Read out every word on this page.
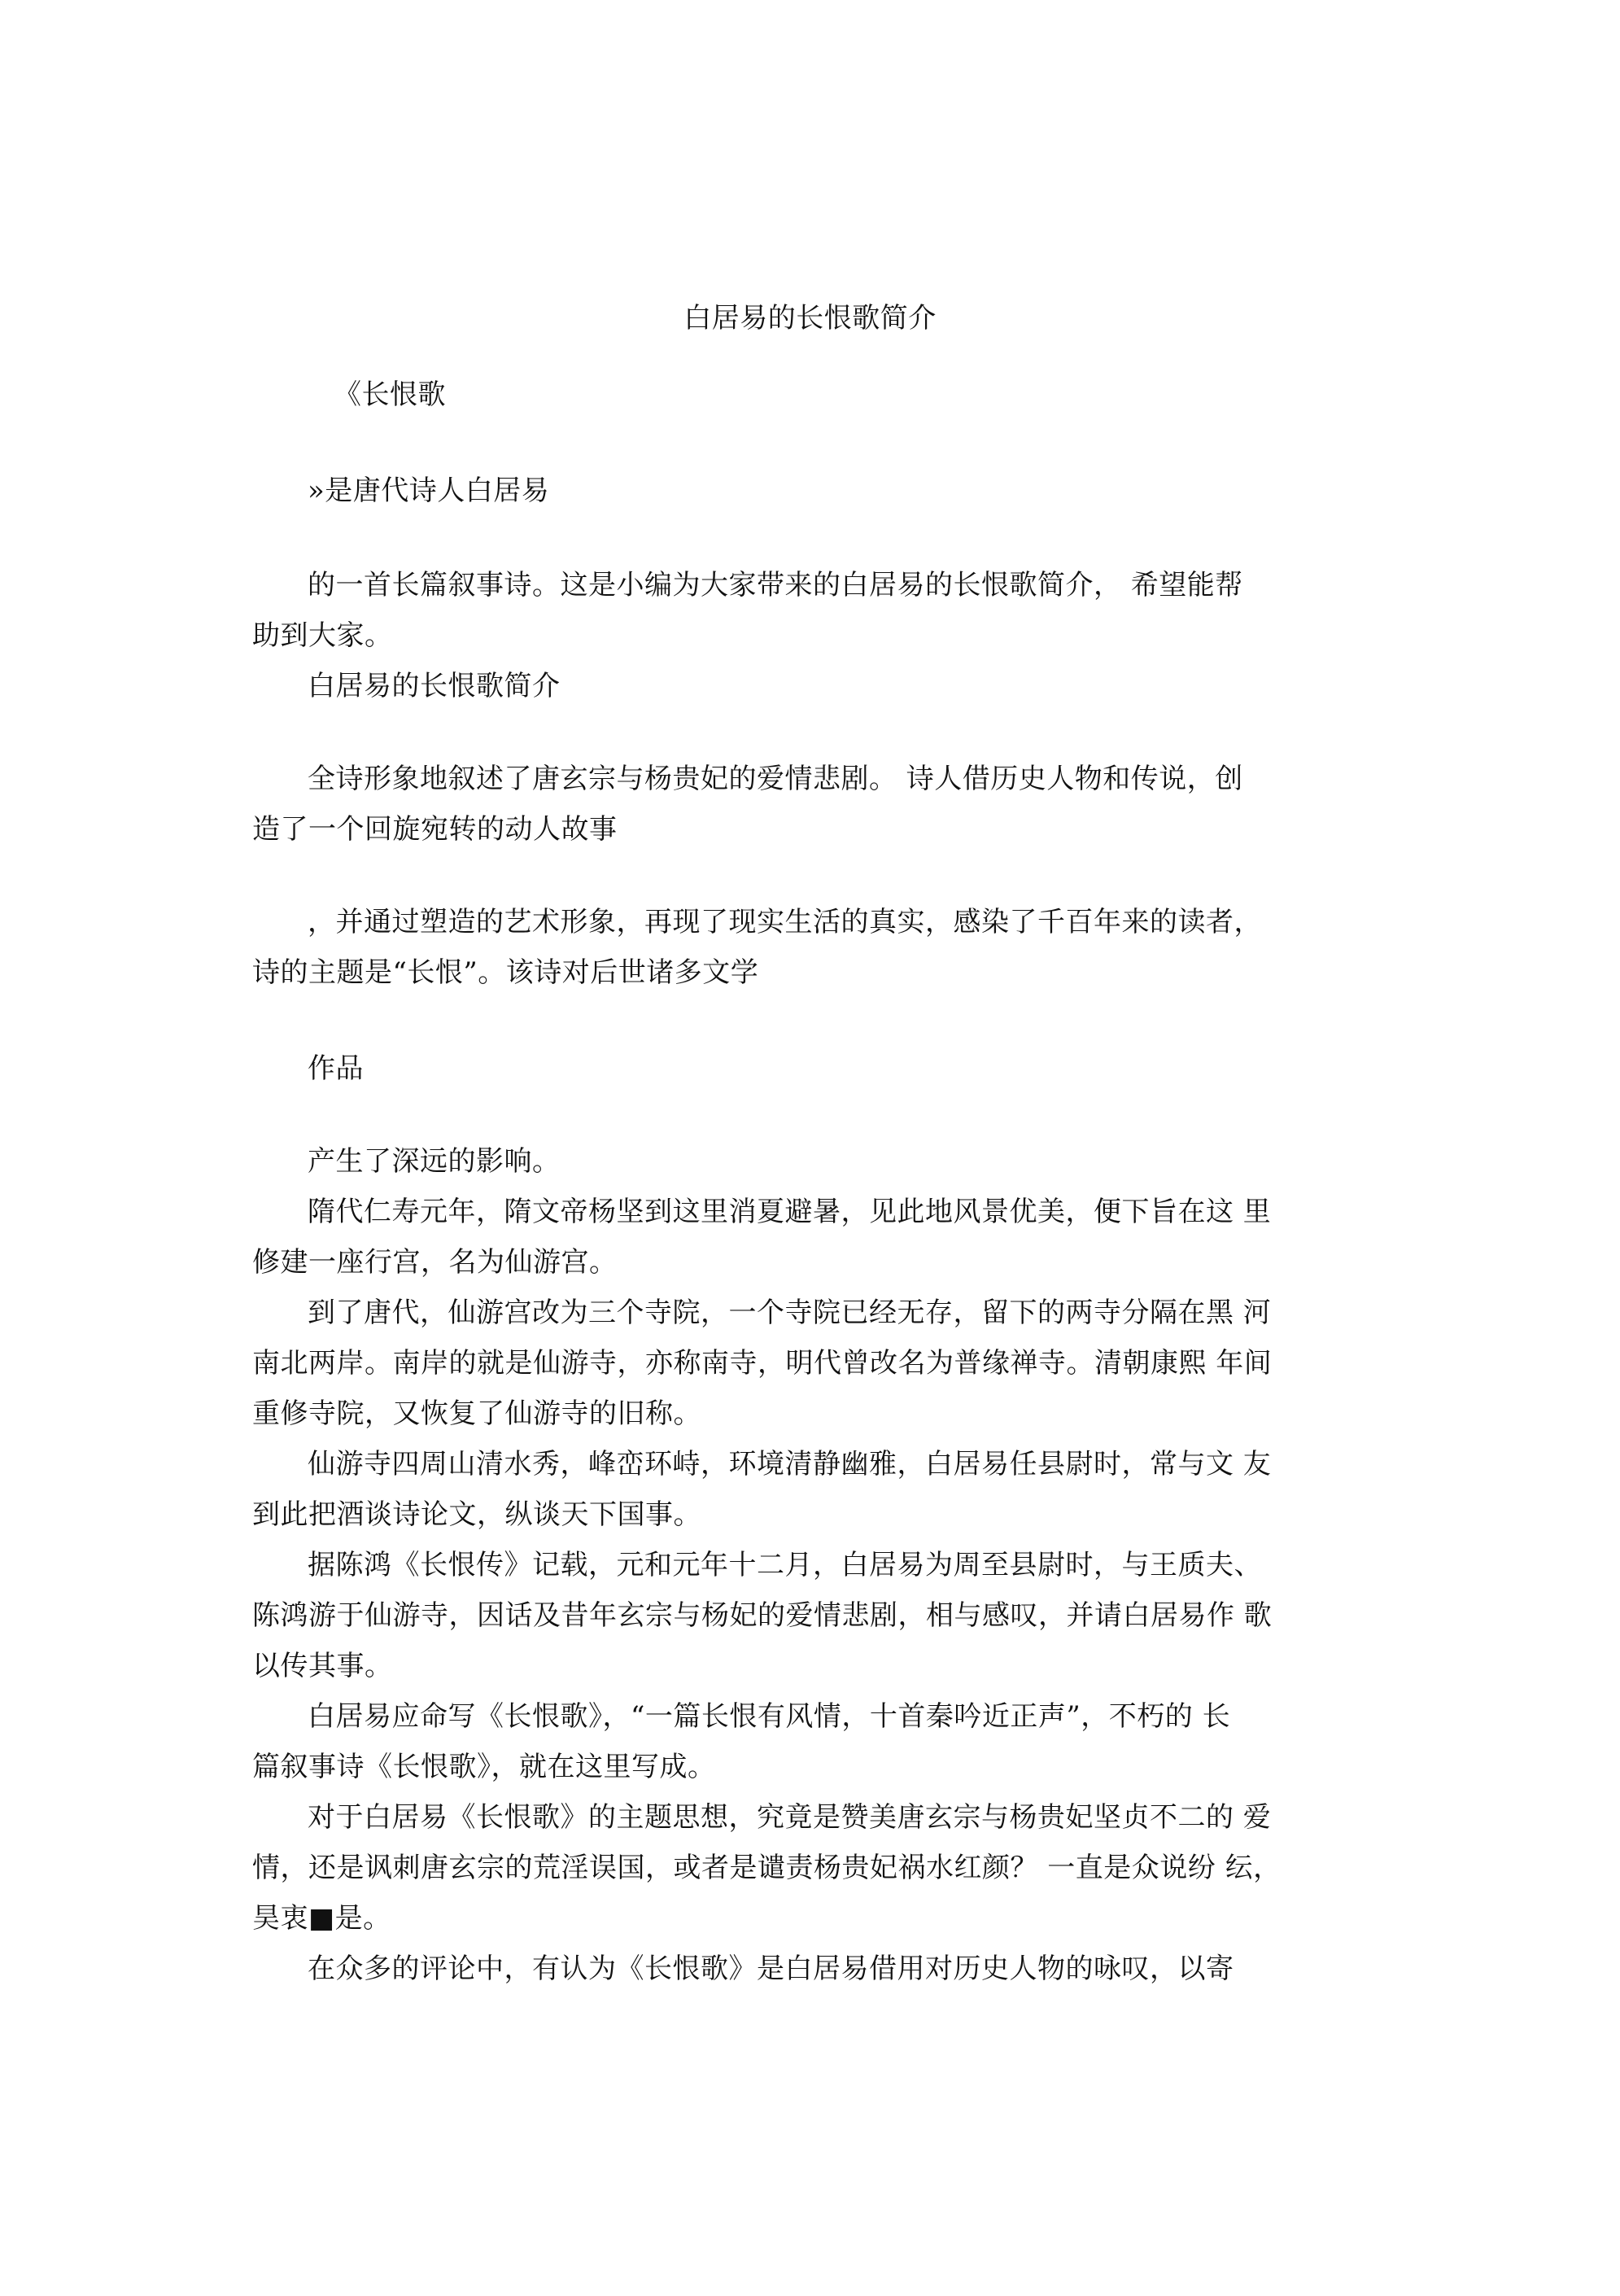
白居易的长恨歌简介

《长恨歌

»是唐代诗人白居易

的一首长篇叙事诗。这是小编为大家带来的白居易的长恨歌简介， 希望能帮

助到大家。

白居易的长恨歌简介

全诗形象地叙述了唐玄宗与杨贵妃的爱情悲剧。 诗人借历史人物和传说，创

造了一个回旋宛转的动人故事

，并通过塑造的艺术形象，再现了现实生活的真实，感染了千百年来的读者，

诗的主题是“长恨”。该诗对后世诸多文学

作品

产生了深远的影响。

隋代仁寿元年，隋文帝杨坚到这里消夏避暑，见此地风景优美，便下旨在这 里

修建一座行宫，名为仙游宫。

到了唐代，仙游宫改为三个寺院，一个寺院已经无存，留下的两寺分隔在黑 河

南北两岸。南岸的就是仙游寺，亦称南寺，明代曾改名为普缘禅寺。清朝康熙 年间

重修寺院，又恢复了仙游寺的旧称。

仙游寺四周山清水秀，峰峦环峙，环境清静幽雅，白居易任县尉时，常与文 友

到此把酒谈诗论文，纵谈天下国事。

据陈鸿《长恨传》记载，元和元年十二月，白居易为周至县尉时，与王质夫、

陈鸿游于仙游寺，因话及昔年玄宗与杨妃的爱情悲剧，相与感叹，并请白居易作 歌

以传其事。

白居易应命写《长恨歌》，“一篇长恨有风情，十首秦吟近正声”，不朽的 长

篇叙事诗《长恨歌》，就在这里写成。

对于白居易《长恨歌》的主题思想，究竟是赞美唐玄宗与杨贵妃坚贞不二的 爱

情，还是讽刺唐玄宗的荒淫误国，或者是谴责杨贵妃祸水红颜？ 一直是众说纷 纭，

昊衷■是。

在众多的评论中，有认为《长恨歌》是白居易借用对历史人物的咏叹，以寄
